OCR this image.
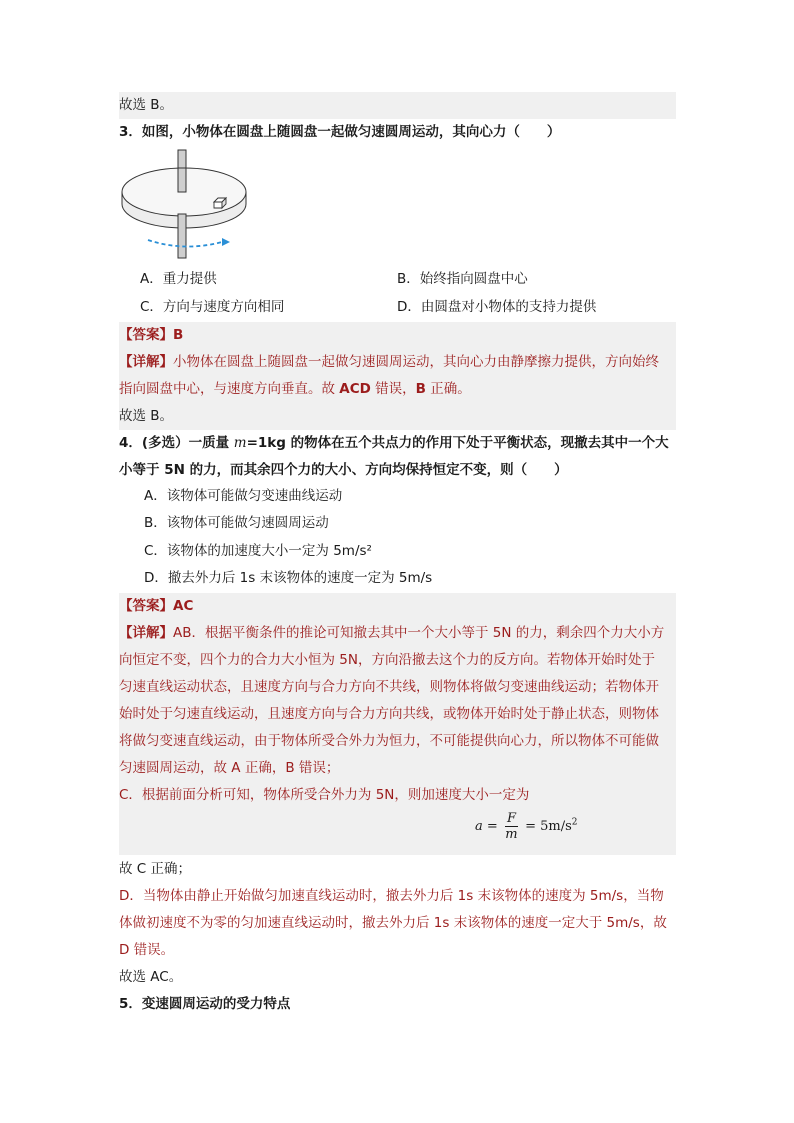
故选 B。
3．如图，小物体在圆盘上随圆盘一起做匀速圆周运动，其向心力（　　）
A．重力提供	B．始终指向圆盘中心
C．方向与速度方向相同	D．由圆盘对小物体的支持力提供
【答案】B
【详解】小物体在圆盘上随圆盘一起做匀速圆周运动，其向心力由静摩擦力提供，方向始终
指向圆盘中心，与速度方向垂直。故 ACD 错误，B 正确。
故选 B。
4．(多选）一质量 m=1kg 的物体在五个共点力的作用下处于平衡状态，现撤去其中一个大
小等于 5N 的力，而其余四个力的大小、方向均保持恒定不变，则（　　）
A．该物体可能做匀变速曲线运动
B．该物体可能做匀速圆周运动
C．该物体的加速度大小一定为 5m/s²
D．撤去外力后 1s 末该物体的速度一定为 5m/s
【答案】AC
【详解】AB．根据平衡条件的推论可知撤去其中一个大小等于 5N 的力，剩余四个力大小方
向恒定不变，四个力的合力大小恒为 5N，方向沿撤去这个力的反方向。若物体开始时处于
匀速直线运动状态，且速度方向与合力方向不共线，则物体将做匀变速曲线运动；若物体开
始时处于匀速直线运动，且速度方向与合力方向共线，或物体开始时处于静止状态，则物体
将做匀变速直线运动，由于物体所受合外力为恒力，不可能提供向心力，所以物体不可能做
匀速圆周运动，故 A 正确，B 错误；
C．根据前面分析可知，物体所受合外力为 5N，则加速度大小一定为
$a = \frac{F}{m} = 5m/s^2$
故 C 正确；
D．当物体由静止开始做匀加速直线运动时，撤去外力后 1s 末该物体的速度为 5m/s，当物
体做初速度不为零的匀加速直线运动时，撤去外力后 1s 末该物体的速度一定大于 5m/s，故
D 错误。
故选 AC。
5．变速圆周运动的受力特点
